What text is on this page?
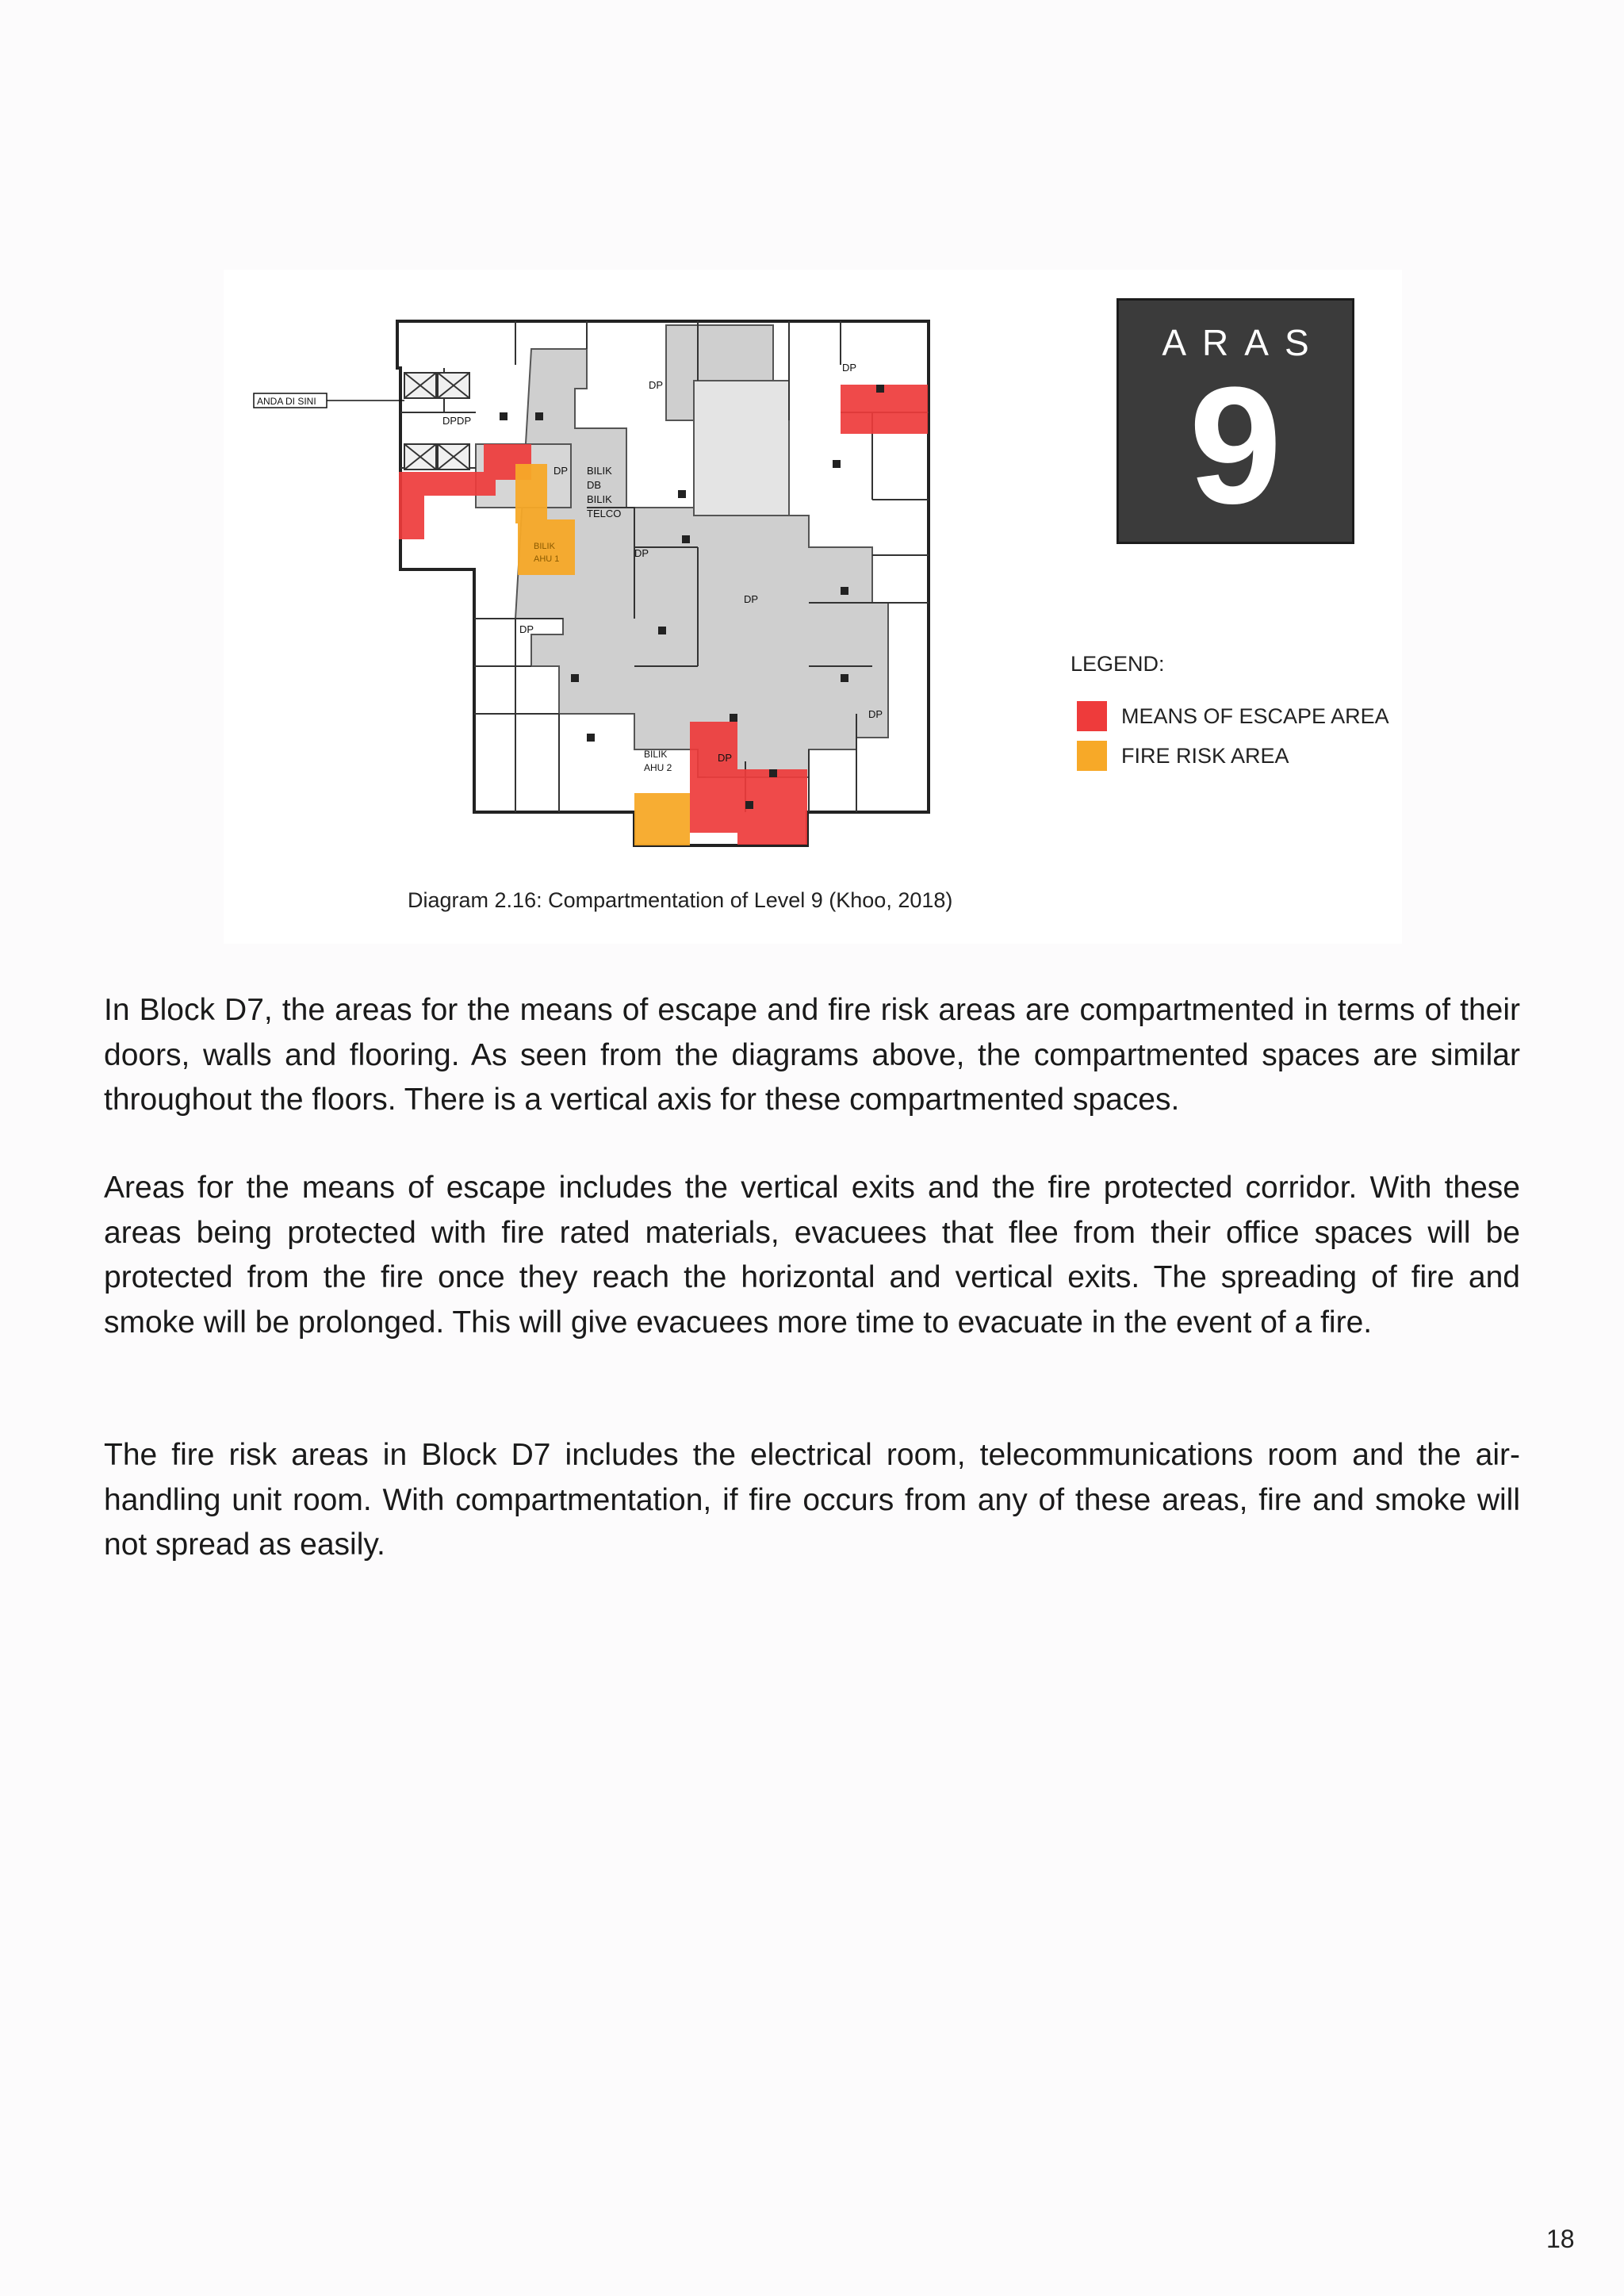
ANDA DI SINI
DPDP
BILIK
DB
BILIK
TELCO
BILIK
AHU 1
BILIK
AHU 2
DP
DP
DP
DP
DP
DP
DP
DP
ARAS
9
LEGEND:
MEANS OF ESCAPE AREA
FIRE RISK AREA
Diagram 2.16: Compartmentation of Level 9 (Khoo, 2018)

In Block D7, the areas for the means of escape and fire risk areas are compartmented in terms of their doors, walls and flooring. As seen from the diagrams above, the compartmented spaces are similar throughout the floors. There is a vertical axis for these compartmented spaces.

Areas for the means of escape includes the vertical exits and the fire protected corridor. With these areas being protected with fire rated materials, evacuees that flee from their office spaces will be protected from the fire once they reach the horizontal and vertical exits. The spreading of fire and smoke will be prolonged. This will give evacuees more time to evacuate in the event of a fire.

The fire risk areas in Block D7 includes the electrical room, telecommunications room and the air-handling unit room. With compartmentation, if fire occurs from any of these areas, fire and smoke will not spread as easily.

18
